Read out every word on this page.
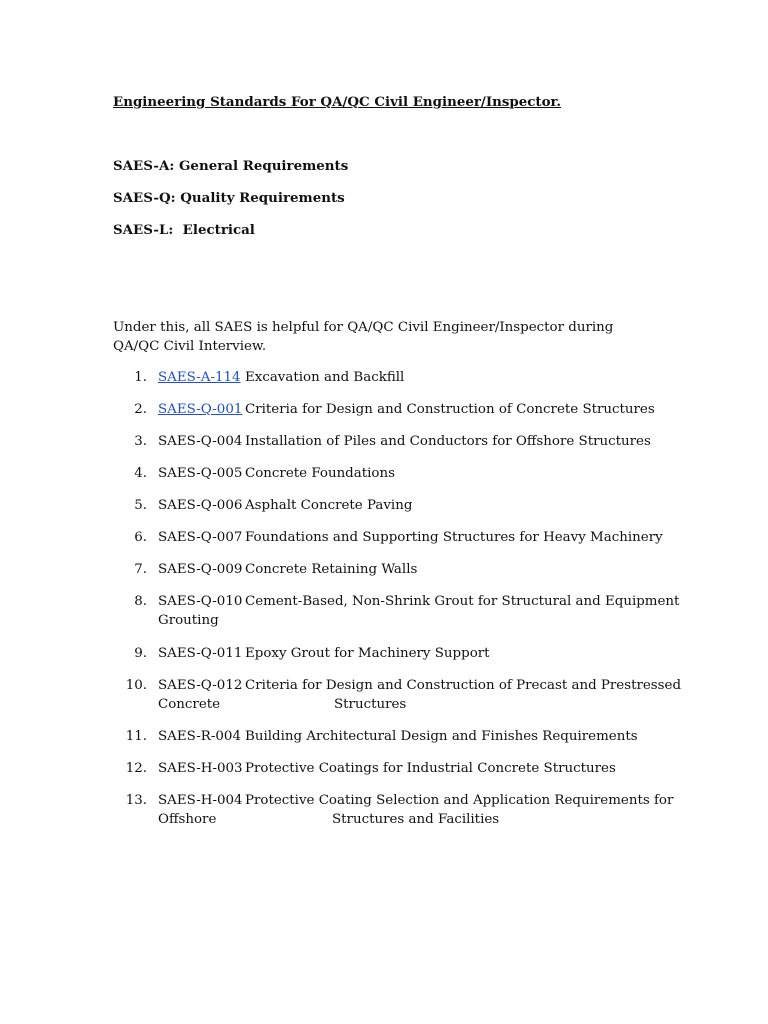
Engineering Standards For QA/QC Civil Engineer/Inspector.
SAES-A: General Requirements
SAES-Q: Quality Requirements
SAES-L:  Electrical
Under this, all SAES is helpful for QA/QC Civil Engineer/Inspector during QA/QC Civil Interview.
1. SAES-A-114 Excavation and Backfill
2. SAES-Q-001 Criteria for Design and Construction of Concrete Structures
3. SAES-Q-004 Installation of Piles and Conductors for Offshore Structures
4. SAES-Q-005 Concrete Foundations
5. SAES-Q-006 Asphalt Concrete Paving
6. SAES-Q-007 Foundations and Supporting Structures for Heavy Machinery
7. SAES-Q-009 Concrete Retaining Walls
8. SAES-Q-010 Cement-Based, Non-Shrink Grout for Structural and Equipment
Grouting
9. SAES-Q-011 Epoxy Grout for Machinery Support
10. SAES-Q-012 Criteria for Design and Construction of Precast and Prestressed
Concrete	Structures
11. SAES-R-004 Building Architectural Design and Finishes Requirements
12. SAES-H-003 Protective Coatings for Industrial Concrete Structures
13. SAES-H-004 Protective Coating Selection and Application Requirements for
Offshore	Structures and Facilities
